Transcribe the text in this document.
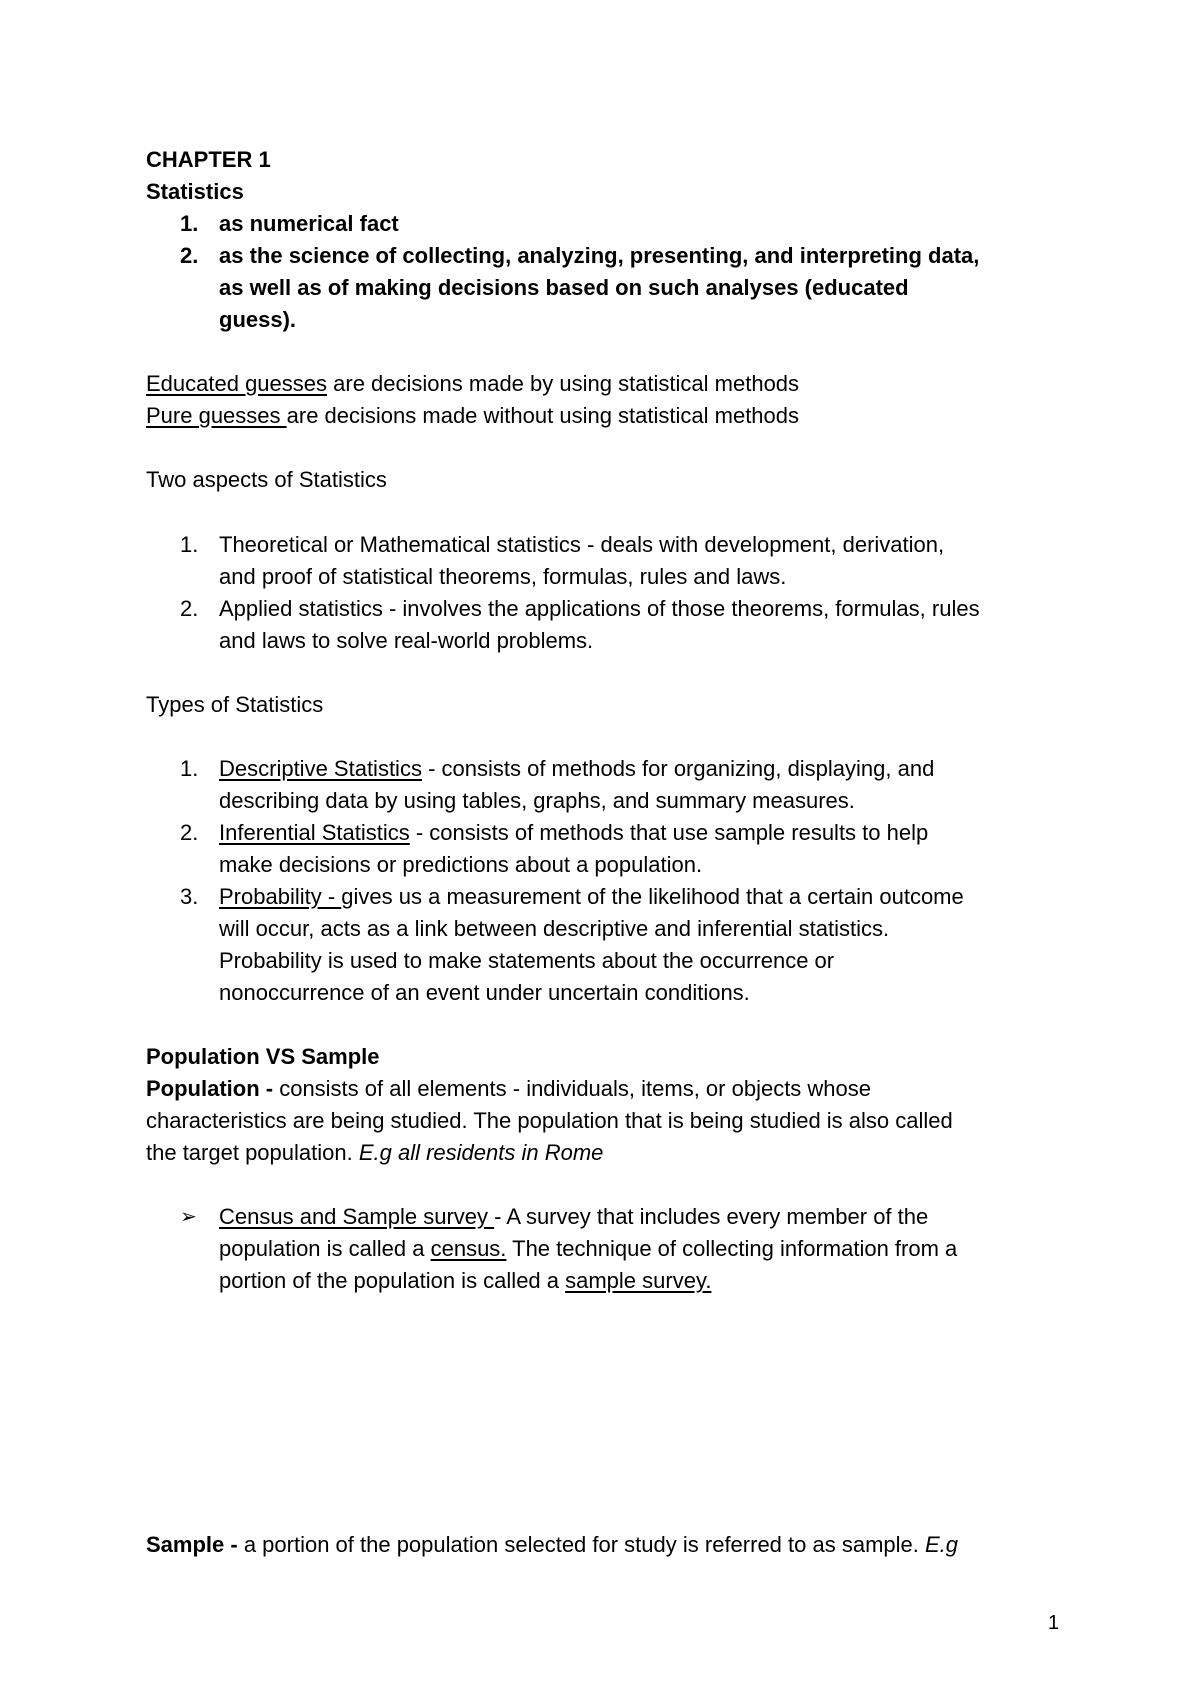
CHAPTER 1
Statistics
1. as numerical fact
2. as the science of collecting, analyzing, presenting, and interpreting data,
as well as of making decisions based on such analyses (educated
guess).
Educated guesses are decisions made by using statistical methods
Pure guesses are decisions made without using statistical methods
Two aspects of Statistics
1. Theoretical or Mathematical statistics - deals with development, derivation,
and proof of statistical theorems, formulas, rules and laws.
2. Applied statistics - involves the applications of those theorems, formulas, rules
and laws to solve real-world problems.
Types of Statistics
1. Descriptive Statistics - consists of methods for organizing, displaying, and
describing data by using tables, graphs, and summary measures.
2. Inferential Statistics - consists of methods that use sample results to help
make decisions or predictions about a population.
3. Probability - gives us a measurement of the likelihood that a certain outcome
will occur, acts as a link between descriptive and inferential statistics.
Probability is used to make statements about the occurrence or
nonoccurrence of an event under uncertain conditions.
Population VS Sample
Population - consists of all elements - individuals, items, or objects whose
characteristics are being studied. The population that is being studied is also called
the target population. E.g all residents in Rome
➢ Census and Sample survey - A survey that includes every member of the
population is called a census. The technique of collecting information from a
portion of the population is called a sample survey.
Sample - a portion of the population selected for study is referred to as sample. E.g
1
